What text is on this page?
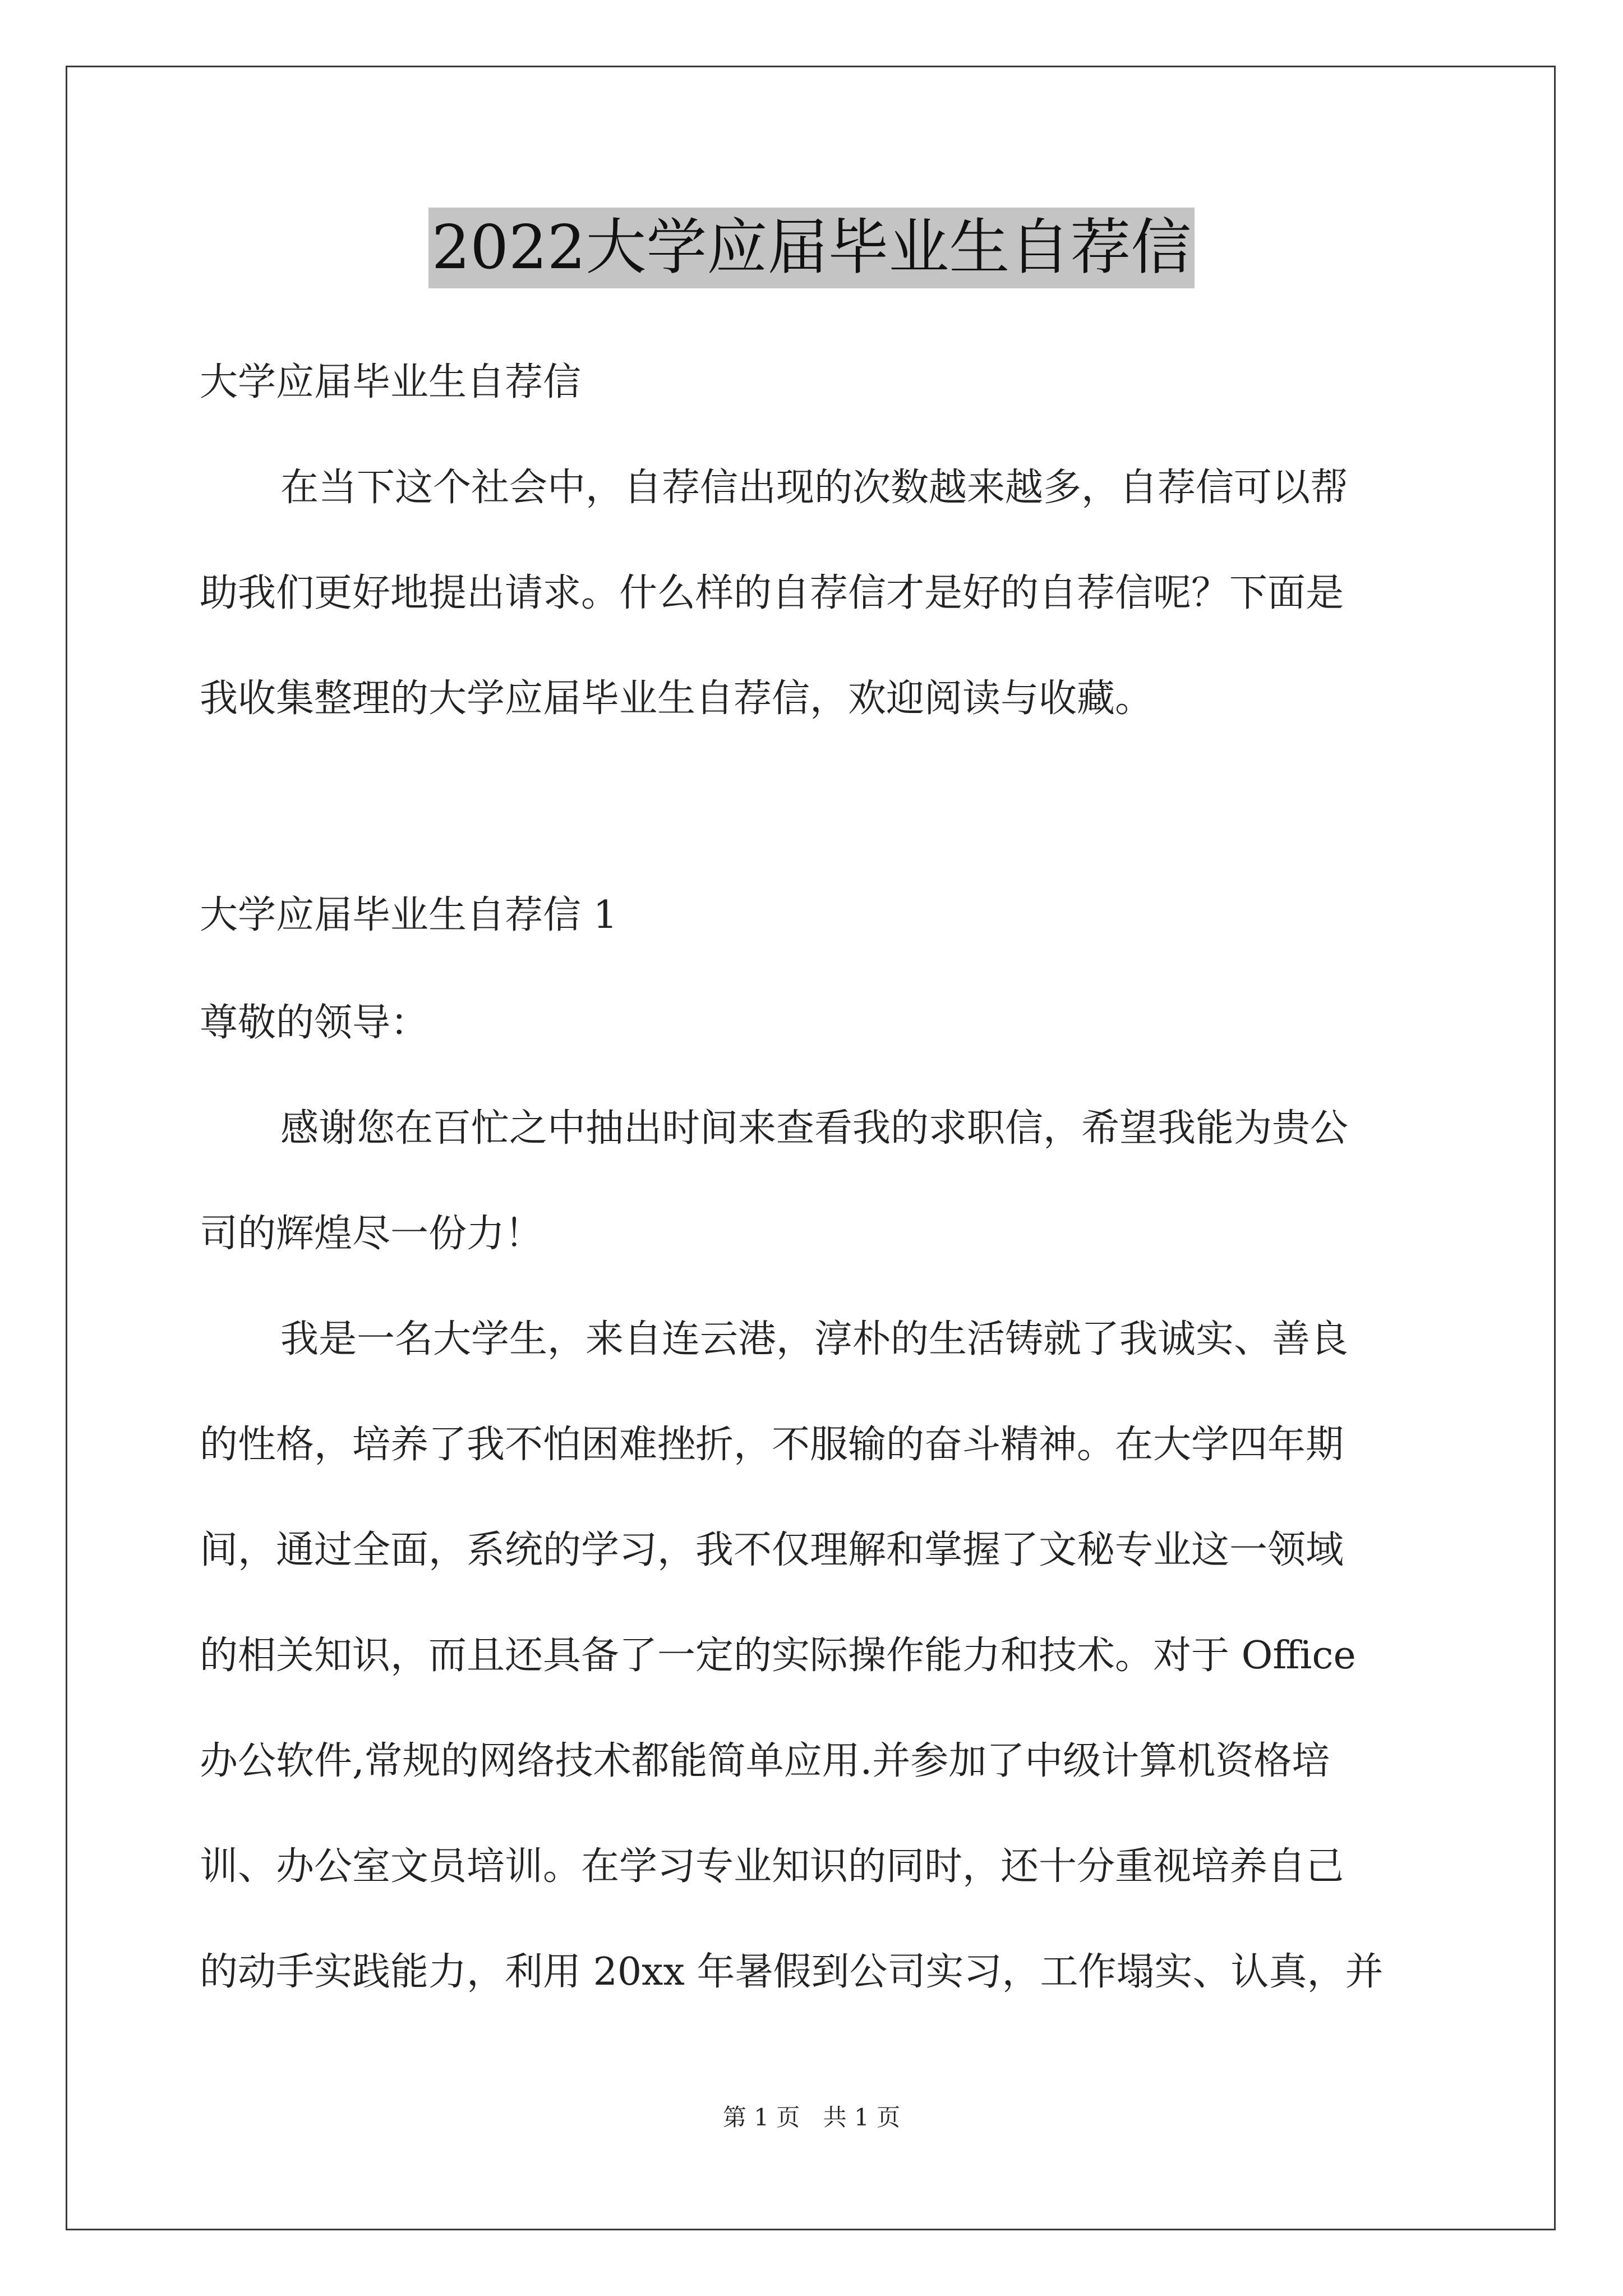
2022大学应届毕业生自荐信
大学应届毕业生自荐信
在当下这个社会中，自荐信出现的次数越来越多，自荐信可以帮
助我们更好地提出请求。什么样的自荐信才是好的自荐信呢？下面是
我收集整理的大学应届毕业生自荐信，欢迎阅读与收藏。
大学应届毕业生自荐信 1
尊敬的领导：
感谢您在百忙之中抽出时间来查看我的求职信，希望我能为贵公
司的辉煌尽一份力！
我是一名大学生，来自连云港，淳朴的生活铸就了我诚实、善良
的性格，培养了我不怕困难挫折，不服输的奋斗精神。在大学四年期
间，通过全面，系统的学习，我不仅理解和掌握了文秘专业这一领域
的相关知识，而且还具备了一定的实际操作能力和技术。对于 Office
办公软件,常规的网络技术都能简单应用.并参加了中级计算机资格培
训、办公室文员培训。在学习专业知识的同时，还十分重视培养自己
的动手实践能力，利用 20xx 年暑假到公司实习，工作塌实、认真，并
第 1 页 共 1 页
